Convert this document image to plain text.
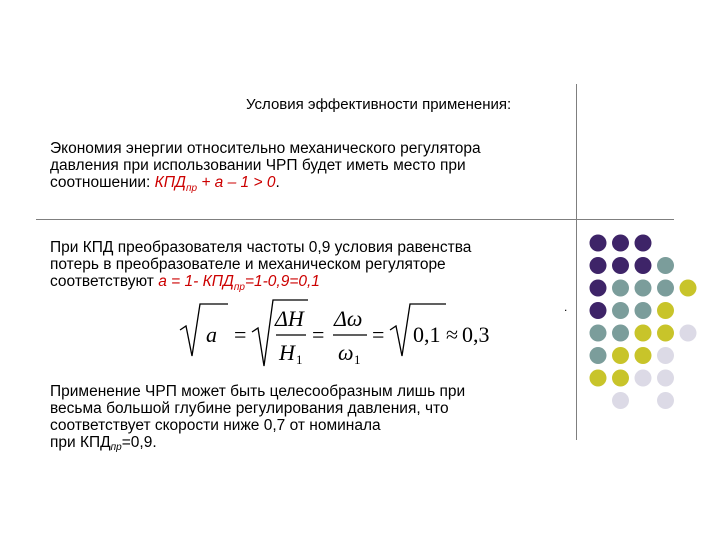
Условия эффективности применения:
Экономия энергии относительно механического регулятора
давления при использовании ЧРП будет иметь место при
соотношении: $КПД_{пр} + a - 1 > 0$.
При КПД преобразователя частоты 0,9 условия равенства
потерь в преобразователе и механическом регуляторе
соответствуют a = 1- $КПД_{пр}=1-0,9=0,1$
.
a =
ΔH
H 1
=
Δω
ω 1
= 0,1 ≈ 0,3
Применение ЧРП может быть целесообразным лишь при
весьма большой глубине регулирования давления, что
соответствует скорости ниже 0,7 от номинала
при $КПД_{пр}=0,9$.
